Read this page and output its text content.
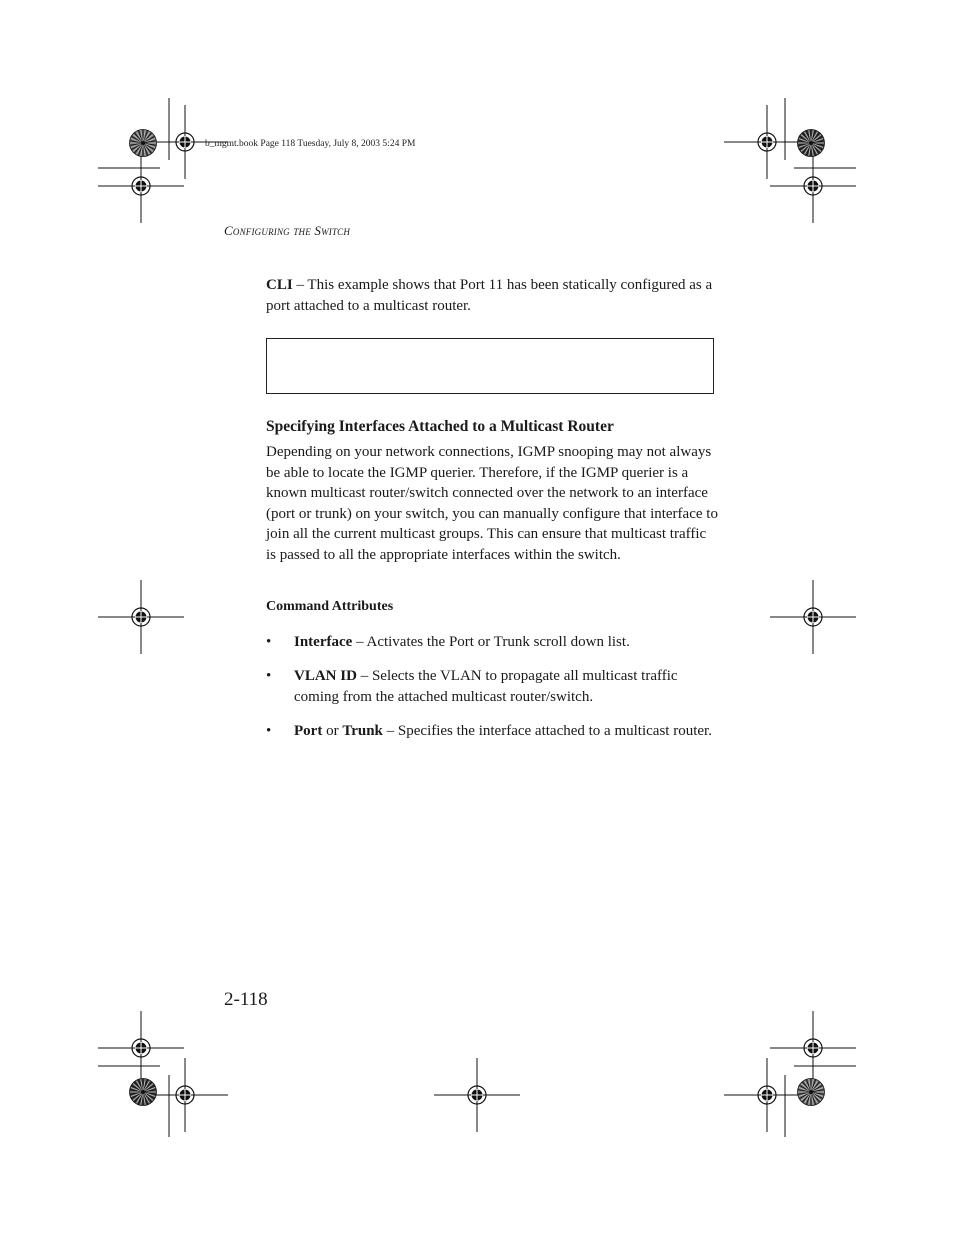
b_mgmt.book Page 118 Tuesday, July 8, 2003 5:24 PM
Configuring the Switch
CLI – This example shows that Port 11 has been statically configured as a port attached to a multicast router.
Specifying Interfaces Attached to a Multicast Router
Depending on your network connections, IGMP snooping may not always be able to locate the IGMP querier. Therefore, if the IGMP querier is a known multicast router/switch connected over the network to an interface (port or trunk) on your switch, you can manually configure that interface to join all the current multicast groups. This can ensure that multicast traffic is passed to all the appropriate interfaces within the switch.
Command Attributes
• Interface – Activates the Port or Trunk scroll down list.
• VLAN ID – Selects the VLAN to propagate all multicast traffic coming from the attached multicast router/switch.
• Port or Trunk – Specifies the interface attached to a multicast router.
2-118
